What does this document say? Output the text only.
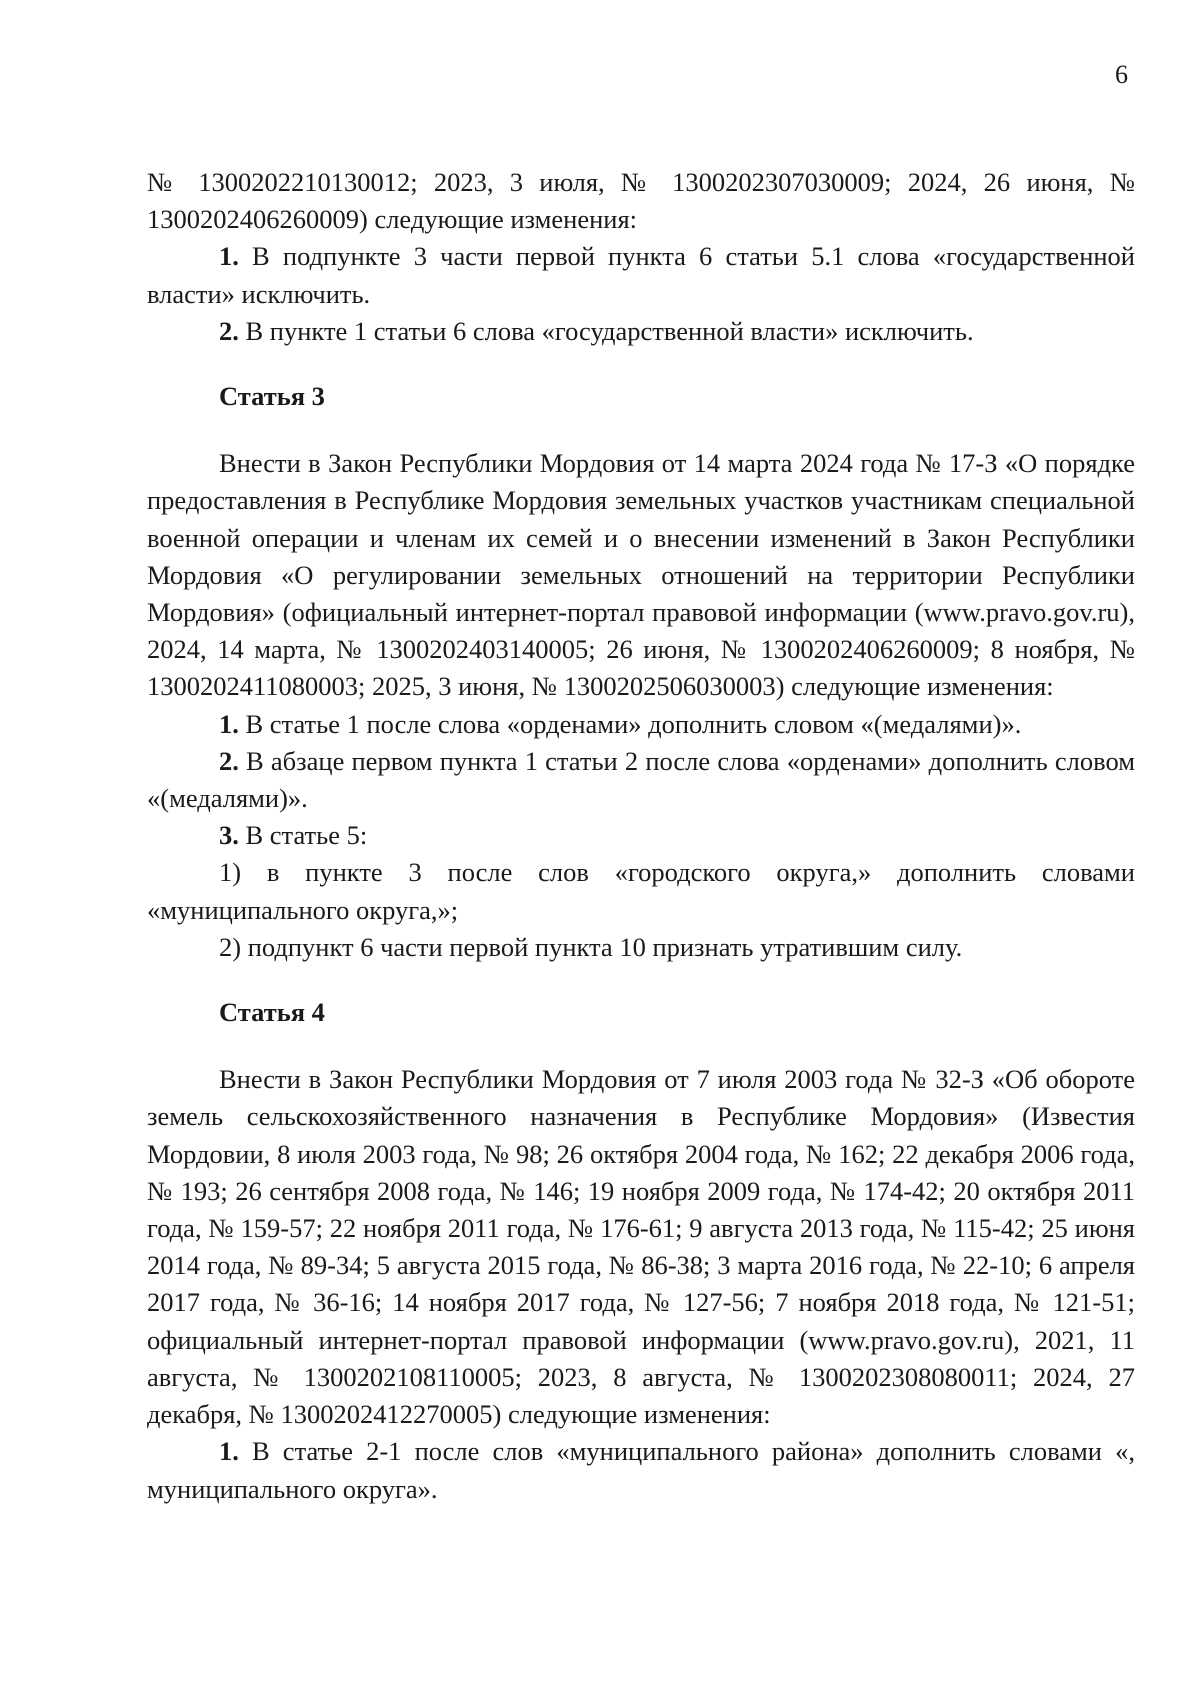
6

№ 1300202210130012; 2023, 3 июля, № 1300202307030009; 2024, 26 июня, № 1300202406260009) следующие изменения:

1. В подпункте 3 части первой пункта 6 статьи 5.1 слова «государственной власти» исключить.

2. В пункте 1 статьи 6 слова «государственной власти» исключить.

Статья 3

Внести в Закон Республики Мордовия от 14 марта 2024 года № 17-З «О порядке предоставления в Республике Мордовия земельных участков участникам специальной военной операции и членам их семей и о внесении изменений в Закон Республики Мордовия «О регулировании земельных отношений на территории Республики Мордовия» (официальный интернет-портал правовой информации (www.pravo.gov.ru), 2024, 14 марта, № 1300202403140005; 26 июня, № 1300202406260009; 8 ноября, № 1300202411080003; 2025, 3 июня, № 1300202506030003) следующие изменения:

1. В статье 1 после слова «орденами» дополнить словом «(медалями)».

2. В абзаце первом пункта 1 статьи 2 после слова «орденами» дополнить словом «(медалями)».

3. В статье 5:

1) в пункте 3 после слов «городского округа,» дополнить словами «муниципального округа,»;

2) подпункт 6 части первой пункта 10 признать утратившим силу.

Статья 4

Внести в Закон Республики Мордовия от 7 июля 2003 года № 32-З «Об обороте земель сельскохозяйственного назначения в Республике Мордовия» (Известия Мордовии, 8 июля 2003 года, № 98; 26 октября 2004 года, № 162; 22 декабря 2006 года, № 193; 26 сентября 2008 года, № 146; 19 ноября 2009 года, № 174-42; 20 октября 2011 года, № 159-57; 22 ноября 2011 года, № 176-61; 9 августа 2013 года, № 115-42; 25 июня 2014 года, № 89-34; 5 августа 2015 года, № 86-38; 3 марта 2016 года, № 22-10; 6 апреля 2017 года, № 36-16; 14 ноября 2017 года, № 127-56; 7 ноября 2018 года, № 121-51; официальный интернет-портал правовой информации (www.pravo.gov.ru), 2021, 11 августа, № 1300202108110005; 2023, 8 августа, № 1300202308080011; 2024, 27 декабря, № 1300202412270005) следующие изменения:

1. В статье 2-1 после слов «муниципального района» дополнить словами «, муниципального округа».
